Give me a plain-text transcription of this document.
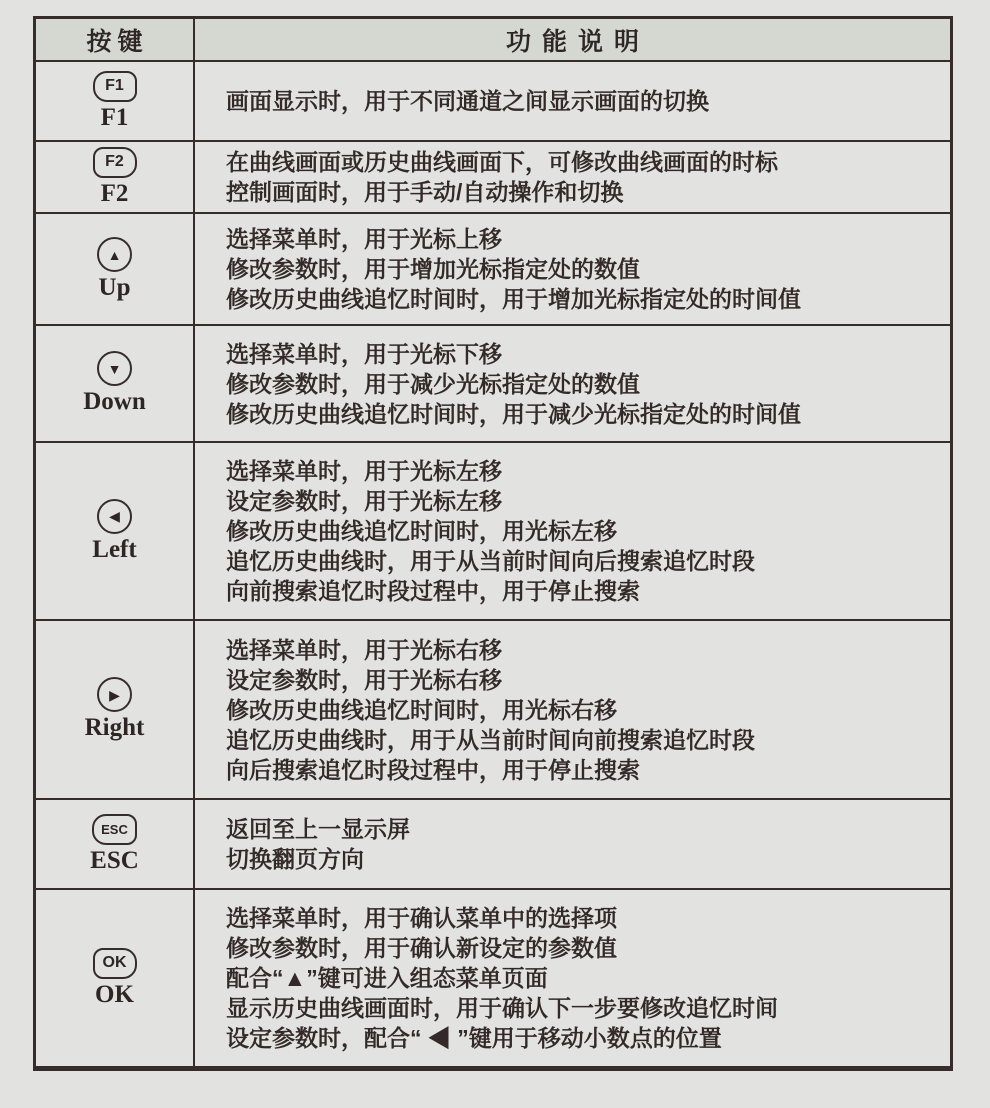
按键	功能说明
F1
F1
画面显示时，用于不同通道之间显示画面的切换
F2
F2
在曲线画面或历史曲线画面下，可修改曲线画面的时标
控制画面时，用于手动/自动操作和切换
▲
Up
选择菜单时，用于光标上移
修改参数时，用于增加光标指定处的数值
修改历史曲线追忆时间时，用于增加光标指定处的时间值
▼
Down
选择菜单时，用于光标下移
修改参数时，用于减少光标指定处的数值
修改历史曲线追忆时间时，用于减少光标指定处的时间值
◀
Left
选择菜单时，用于光标左移
设定参数时，用于光标左移
修改历史曲线追忆时间时，用光标左移
追忆历史曲线时，用于从当前时间向后搜索追忆时段
向前搜索追忆时段过程中，用于停止搜索
▶
Right
选择菜单时，用于光标右移
设定参数时，用于光标右移
修改历史曲线追忆时间时，用光标右移
追忆历史曲线时，用于从当前时间向前搜索追忆时段
向后搜索追忆时段过程中，用于停止搜索
ESC
ESC
返回至上一显示屏
切换翻页方向
OK
OK
选择菜单时，用于确认菜单中的选择项
修改参数时，用于确认新设定的参数值
配合“▲”键可进入组态菜单页面
显示历史曲线画面时，用于确认下一步要修改追忆时间
设定参数时，配合“ ◀ ”键用于移动小数点的位置
